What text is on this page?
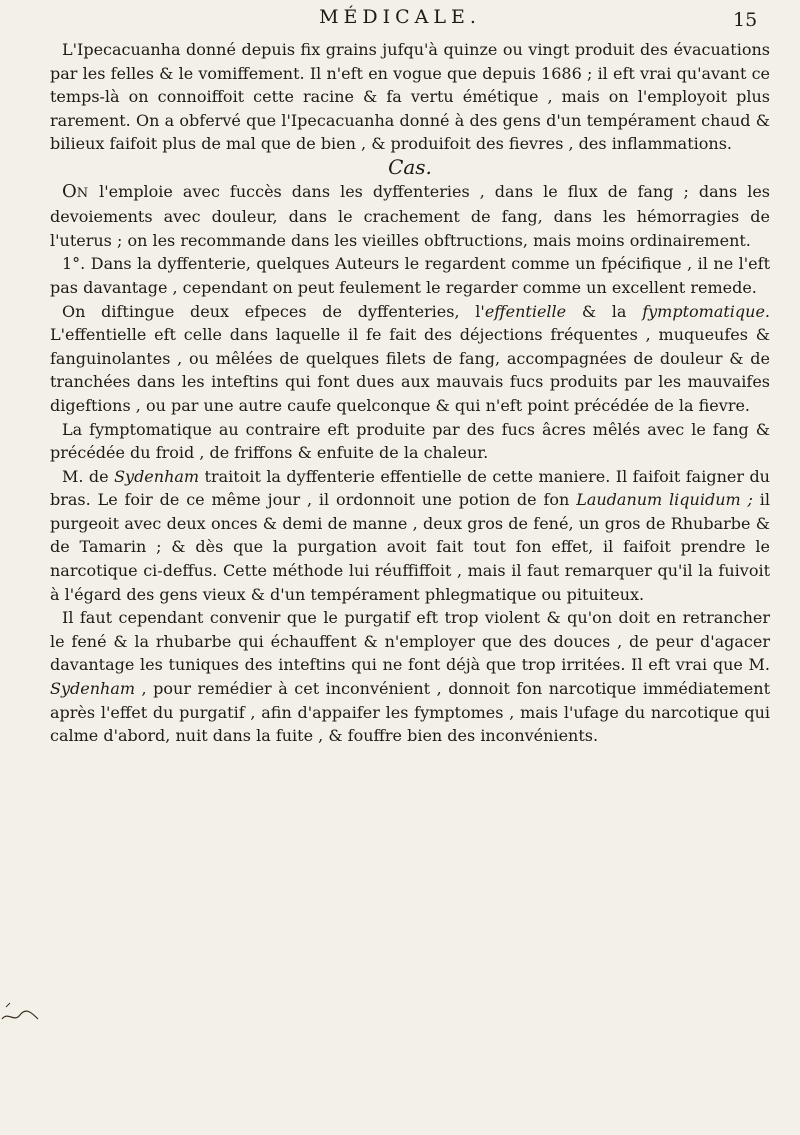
MÉDICALE.	15

L'Ipecacuanha donné depuis fix grains jufqu'à quinze ou vingt produit des évacuations par les felles & le vomiffement. Il n'eft en vogue que depuis 1686 ; il eft vrai qu'avant ce temps-là on connoiffoit cette racine & fa vertu émétique , mais on l'employoit plus rarement. On a obfervé que l'Ipecacuanha donné à des gens d'un tempérament chaud & bilieux faifoit plus de mal que de bien , & produifoit des fievres , des inflammations.

Cas.

ON l'emploie avec fuccès dans les dyffenteries , dans le flux de fang ; dans les devoiements avec douleur, dans le crachement de fang, dans les hémorragies de l'uterus ; on les recommande dans les vieilles obftructions, mais moins ordinairement.

1°. Dans la dyffenterie, quelques Auteurs le regardent comme un fpécifique , il ne l'eft pas davantage , cependant on peut feulement le regarder comme un excellent remede.

On diftingue deux efpeces de dyffenteries, l'effentielle & la fymptomatique. L'effentielle eft celle dans laquelle il fe fait des déjections fréquentes , muqueufes & fanguinolantes , ou mêlées de quelques filets de fang, accompagnées de douleur & de tranchées dans les inteftins qui font dues aux mauvais fucs produits par les mauvaifes digeftions , ou par une autre caufe quelconque & qui n'eft point précédée de la fievre.

La fymptomatique au contraire eft produite par des fucs âcres mêlés avec le fang & précédée du froid , de friffons & enfuite de la chaleur.

M. de Sydenham traitoit la dyffenterie effentielle de cette maniere. Il faifoit faigner du bras. Le foir de ce même jour , il ordonnoit une potion de fon Laudanum liquidum ; il purgeoit avec deux onces & demi de manne , deux gros de fené, un gros de Rhubarbe & de Tamarin ; & dès que la purgation avoit fait tout fon effet, il faifoit prendre le narcotique ci-deffus. Cette méthode lui réuffiffoit , mais il faut remarquer qu'il la fuivoit à l'égard des gens vieux & d'un tempérament phlegmatique ou pituiteux.

Il faut cependant convenir que le purgatif eft trop violent & qu'on doit en retrancher le fené & la rhubarbe qui échauffent & n'employer que des douces , de peur d'agacer davantage les tuniques des inteftins qui ne font déjà que trop irritées. Il eft vrai que M. Sydenham , pour remédier à cet inconvénient , donnoit fon narcotique immédiatement après l'effet du purgatif , afin d'appaifer les fymptomes , mais l'ufage du narcotique qui calme d'abord, nuit dans la fuite , & fouffre bien des inconvénients.
